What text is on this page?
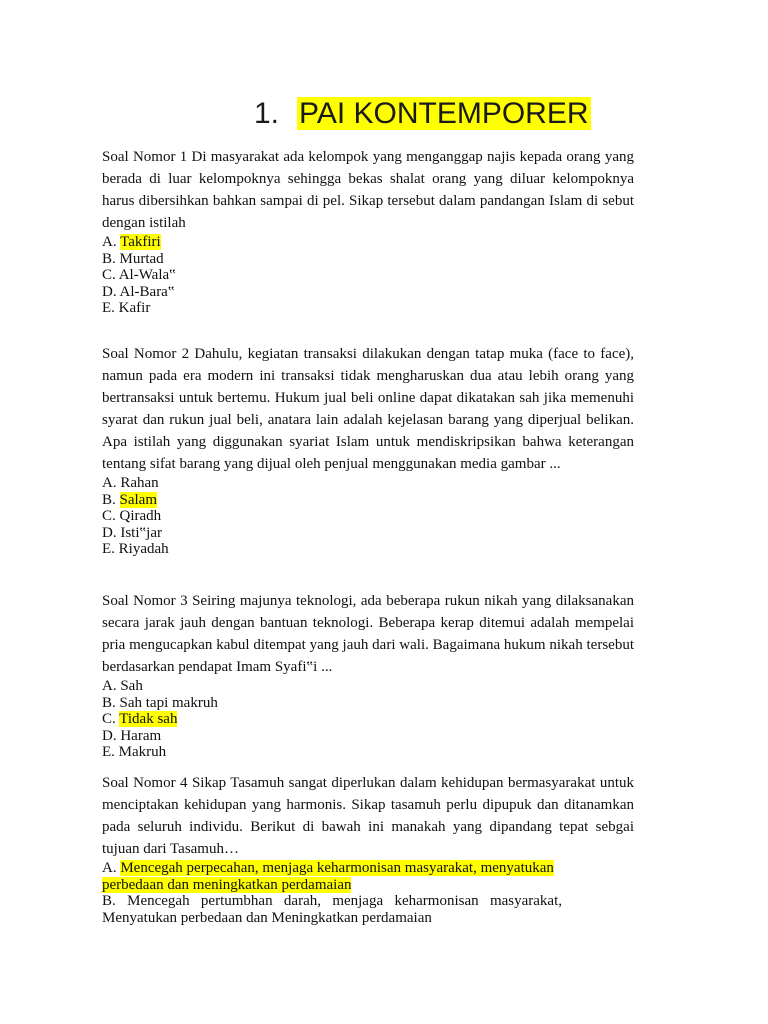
1. PAI KONTEMPORER

Soal Nomor 1 Di masyarakat ada kelompok yang menganggap najis kepada orang yang berada di luar kelompoknya sehingga bekas shalat orang yang diluar kelompoknya harus dibersihkan bahkan sampai di pel. Sikap tersebut dalam pandangan Islam di sebut dengan istilah

A. Takfiri
B. Murtad
C. Al-Wala‟
D. Al-Bara‟
E. Kafir

Soal Nomor 2 Dahulu, kegiatan transaksi dilakukan dengan tatap muka (face to face), namun pada era modern ini transaksi tidak mengharuskan dua atau lebih orang yang bertransaksi untuk bertemu. Hukum jual beli online dapat dikatakan sah jika memenuhi syarat dan rukun jual beli, anatara lain adalah kejelasan barang yang diperjual belikan. Apa istilah yang diggunakan syariat Islam untuk mendiskripsikan bahwa keterangan tentang sifat barang yang dijual oleh penjual menggunakan media gambar ...

A. Rahan
B. Salam
C. Qiradh
D. Isti‟jar
E. Riyadah

Soal Nomor 3 Seiring majunya teknologi, ada beberapa rukun nikah yang dilaksanakan secara jarak jauh dengan bantuan teknologi. Beberapa kerap ditemui adalah mempelai pria mengucapkan kabul ditempat yang jauh dari wali. Bagaimana hukum nikah tersebut berdasarkan pendapat Imam Syafi‟i ...

A. Sah
B. Sah tapi makruh
C. Tidak sah
D. Haram
E. Makruh

Soal Nomor 4 Sikap Tasamuh sangat diperlukan dalam kehidupan bermasyarakat untuk menciptakan kehidupan yang harmonis. Sikap tasamuh perlu dipupuk dan ditanamkan pada seluruh individu. Berikut di bawah ini manakah yang dipandang tepat sebgai tujuan dari Tasamuh…

A. Mencegah perpecahan, menjaga keharmonisan masyarakat, menyatukan perbedaan dan meningkatkan perdamaian
B. Mencegah pertumbhan darah, menjaga keharmonisan masyarakat, Menyatukan perbedaan dan Meningkatkan perdamaian
